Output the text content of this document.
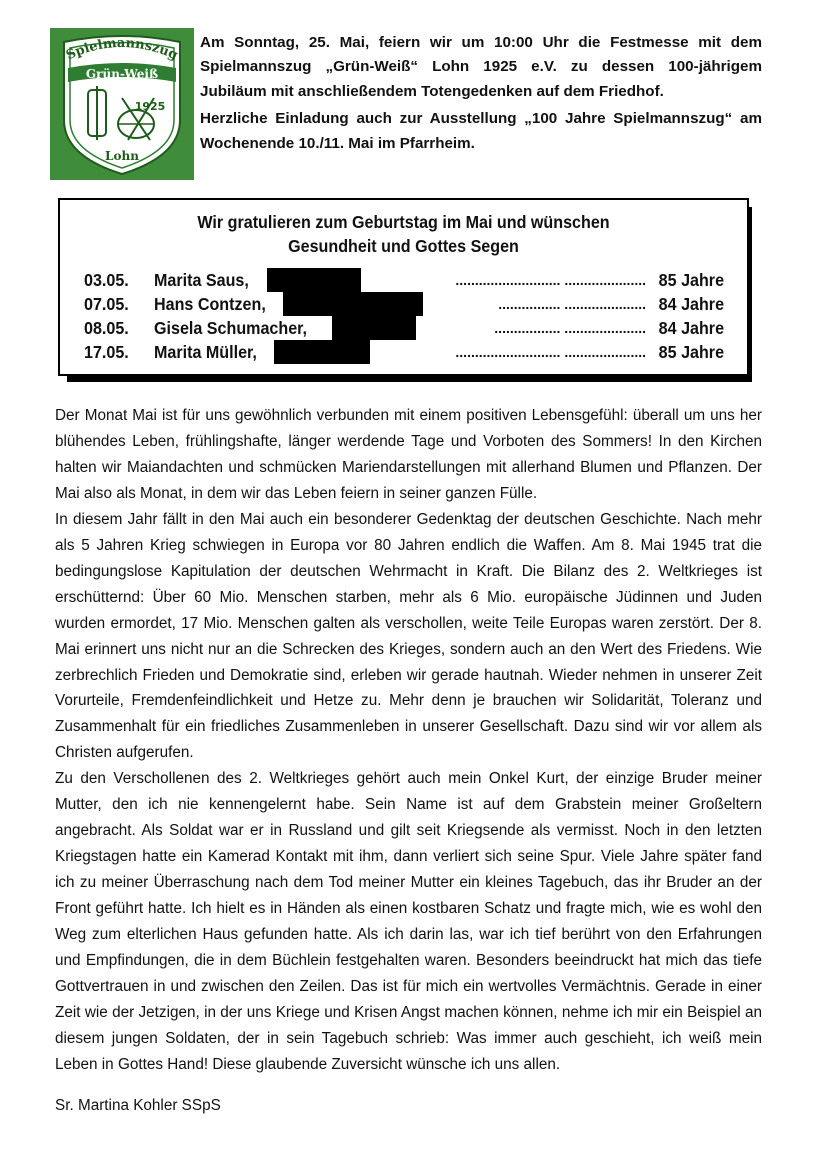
Spielmannszug
Grün-Weiß
1925
Lohn

Am Sonntag, 25. Mai, feiern wir um 10:00 Uhr die Festmesse mit dem Spielmannszug „Grün-Weiß“ Lohn 1925 e.V. zu dessen 100-jährigem Jubiläum mit anschließendem Totengedenken auf dem Friedhof.

Herzliche Einladung auch zur Ausstellung „100 Jahre Spielmannszug“ am Wochenende 10./11. Mai im Pfarrheim.

Wir gratulieren zum Geburtstag im Mai und wünschen
Gesundheit und Gottes Segen
03.05. Marita Saus,	........................... ..................... 85 Jahre
07.05. Hans Contzen,	................ ..................... 84 Jahre
08.05. Gisela Schumacher,	................. ..................... 84 Jahre
17.05. Marita Müller,	........................... ..................... 85 Jahre

Der Monat Mai ist für uns gewöhnlich verbunden mit einem positiven Lebensgefühl: überall um uns her blühendes Leben, frühlingshafte, länger werdende Tage und Vorboten des Sommers! In den Kirchen halten wir Maiandachten und schmücken Mariendarstellungen mit allerhand Blumen und Pflanzen. Der Mai also als Monat, in dem wir das Leben feiern in seiner ganzen Fülle.

In diesem Jahr fällt in den Mai auch ein besonderer Gedenktag der deutschen Geschichte. Nach mehr als 5 Jahren Krieg schwiegen in Europa vor 80 Jahren endlich die Waffen. Am 8. Mai 1945 trat die bedingungslose Kapitulation der deutschen Wehrmacht in Kraft. Die Bilanz des 2. Weltkrieges ist erschütternd: Über 60 Mio. Menschen starben, mehr als 6 Mio. europäische Jüdinnen und Juden wurden ermordet, 17 Mio. Menschen galten als verschollen, weite Teile Europas waren zerstört. Der 8. Mai erinnert uns nicht nur an die Schrecken des Krieges, sondern auch an den Wert des Friedens. Wie zerbrechlich Frieden und Demokratie sind, erleben wir gerade hautnah. Wieder nehmen in unserer Zeit Vorurteile, Fremdenfeindlichkeit und Hetze zu. Mehr denn je brauchen wir Solidarität, Toleranz und Zusammenhalt für ein friedliches Zusammenleben in unserer Gesellschaft. Dazu sind wir vor allem als Christen aufgerufen.

Zu den Verschollenen des 2. Weltkrieges gehört auch mein Onkel Kurt, der einzige Bruder meiner Mutter, den ich nie kennengelernt habe. Sein Name ist auf dem Grabstein meiner Großeltern angebracht. Als Soldat war er in Russland und gilt seit Kriegsende als vermisst. Noch in den letzten Kriegstagen hatte ein Kamerad Kontakt mit ihm, dann verliert sich seine Spur. Viele Jahre später fand ich zu meiner Überraschung nach dem Tod meiner Mutter ein kleines Tagebuch, das ihr Bruder an der Front geführt hatte. Ich hielt es in Händen als einen kostbaren Schatz und fragte mich, wie es wohl den Weg zum elterlichen Haus gefunden hatte. Als ich darin las, war ich tief berührt von den Erfahrungen und Empfindungen, die in dem Büchlein festgehalten waren. Besonders beeindruckt hat mich das tiefe Gottvertrauen in und zwischen den Zeilen. Das ist für mich ein wertvolles Vermächtnis. Gerade in einer Zeit wie der Jetzigen, in der uns Kriege und Krisen Angst machen können, nehme ich mir ein Beispiel an diesem jungen Soldaten, der in sein Tagebuch schrieb: Was immer auch geschieht, ich weiß mein Leben in Gottes Hand! Diese glaubende Zuversicht wünsche ich uns allen.

Sr. Martina Kohler SSpS
